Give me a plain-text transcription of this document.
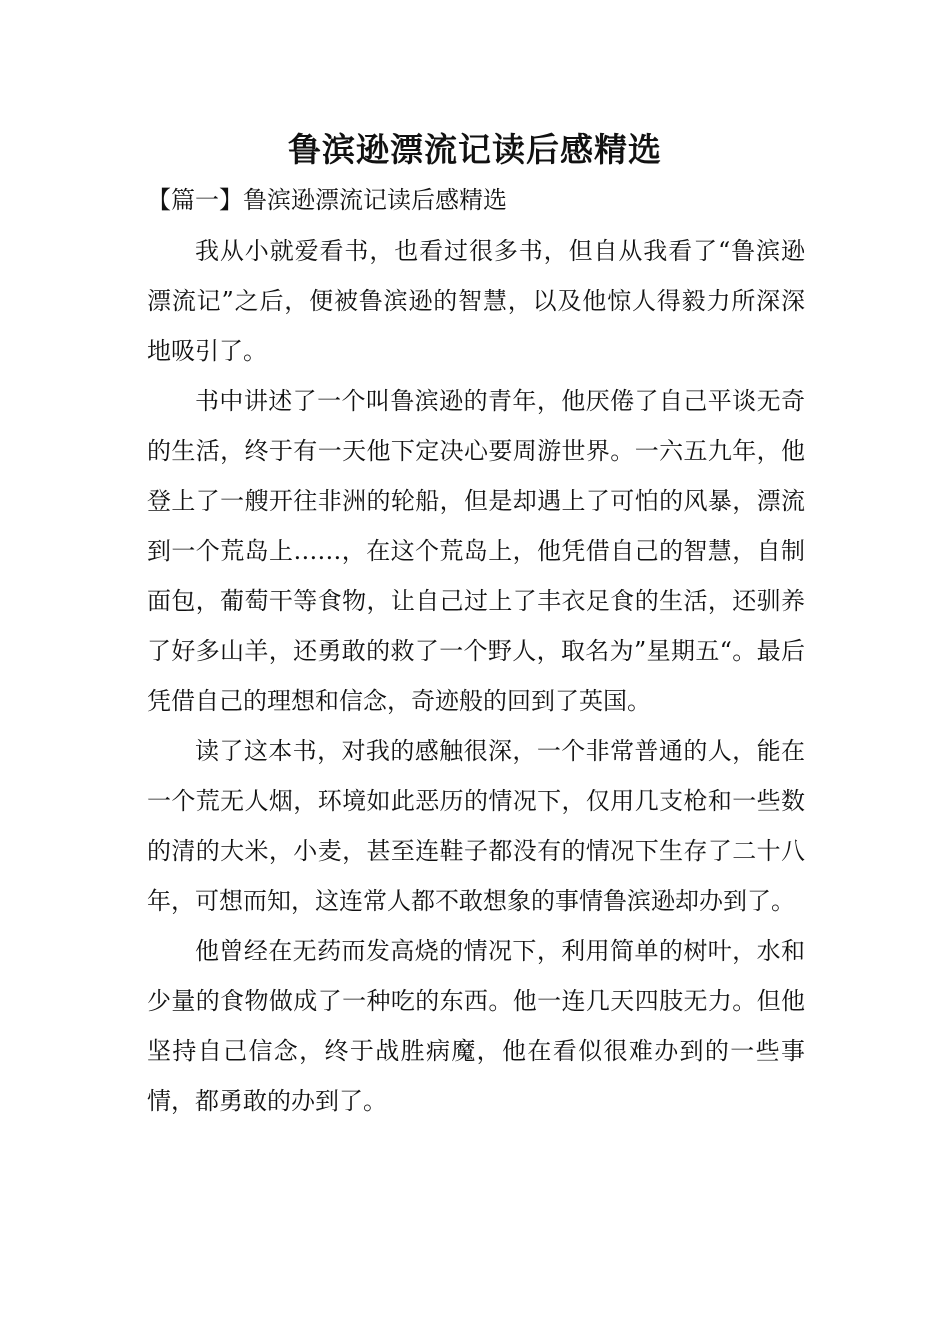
鲁滨逊漂流记读后感精选

【篇一】鲁滨逊漂流记读后感精选

我从小就爱看书，也看过很多书，但自从我看了“鲁滨逊漂流记”之后，便被鲁滨逊的智慧，以及他惊人得毅力所深深地吸引了。

书中讲述了一个叫鲁滨逊的青年，他厌倦了自己平谈无奇的生活，终于有一天他下定决心要周游世界。一六五九年，他登上了一艘开往非洲的轮船，但是却遇上了可怕的风暴，漂流到一个荒岛上……，在这个荒岛上，他凭借自己的智慧，自制面包，葡萄干等食物，让自己过上了丰衣足食的生活，还驯养了好多山羊，还勇敢的救了一个野人，取名为”星期五“。最后凭借自己的理想和信念，奇迹般的回到了英国。

读了这本书，对我的感触很深，一个非常普通的人，能在一个荒无人烟，环境如此恶历的情况下，仅用几支枪和一些数的清的大米，小麦，甚至连鞋子都没有的情况下生存了二十八年，可想而知，这连常人都不敢想象的事情鲁滨逊却办到了。

他曾经在无药而发高烧的情况下，利用简单的树叶，水和少量的食物做成了一种吃的东西。他一连几天四肢无力。但他坚持自己信念，终于战胜病魔，他在看似很难办到的一些事情，都勇敢的办到了。
